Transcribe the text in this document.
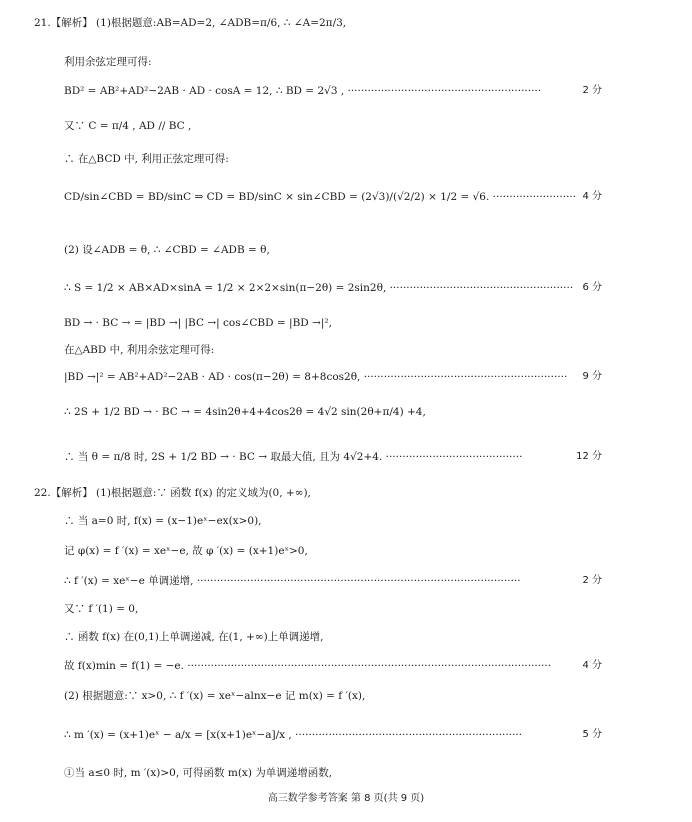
21.【解析】 (1)根据题意:AB=AD=2, ∠ADB=π/6, ∴ ∠A=2π/3,
利用余弦定理可得:
BD² = AB²+AD²−2AB · AD · cosA = 12, ∴ BD = 2√3 , ··························································	2 分
又∵ C = π/4 , AD // BC ,
∴ 在△BCD 中, 利用正弦定理可得:
CD/sin∠CBD = BD/sinC ⇒ CD = BD/sinC × sin∠CBD = (2√3)/(√2/2) × 1/2 = √6. ························· 4 分
(2) 设∠ADB = θ, ∴ ∠CBD = ∠ADB = θ,
∴ S = 1/2 × AB×AD×sinA = 1/2 × 2×2×sin(π−2θ) = 2sin2θ, ······················································· 6 分
BD → · BC → = |BD →| |BC →| cos∠CBD = |BD →|²,
在△ABD 中, 利用余弦定理可得:
|BD →|² = AB²+AD²−2AB · AD · cos(π−2θ) = 8+8cos2θ, ····························································· 9 分
∴ 2S + 1/2 BD → · BC → = 4sin2θ+4+4cos2θ = 4√2 sin(2θ+π/4) +4,
∴ 当 θ = π/8 时, 2S + 1/2 BD → · BC → 取最大值, 且为 4√2+4. ·········································	12 分
22.【解析】 (1)根据题意:∵ 函数 f(x) 的定义域为(0, +∞),
∴ 当 a=0 时, f(x) = (x−1)eˣ−ex(x>0),
记 φ(x) = f ′(x) = xeˣ−e, 故 φ ′(x) = (x+1)eˣ>0,
∴ f ′(x) = xeˣ−e 单调递增, ·································································································	2 分
又∵ f ′(1) = 0,
∴ 函数 f(x) 在(0,1)上单调递减, 在(1, +∞)上单调递增,
故 f(x)min = f(1) = −e. ·············································································································	4 分
(2) 根据题意:∵ x>0, ∴ f ′(x) = xeˣ−alnx−e 记 m(x) = f ′(x),
∴ m ′(x) = (x+1)eˣ − a/x = [x(x+1)eˣ−a]/x , ····································································	5 分
①当 a≤0 时, m ′(x)>0, 可得函数 m(x) 为单调递增函数,
高三数学参考答案 第 8 页(共 9 页)
